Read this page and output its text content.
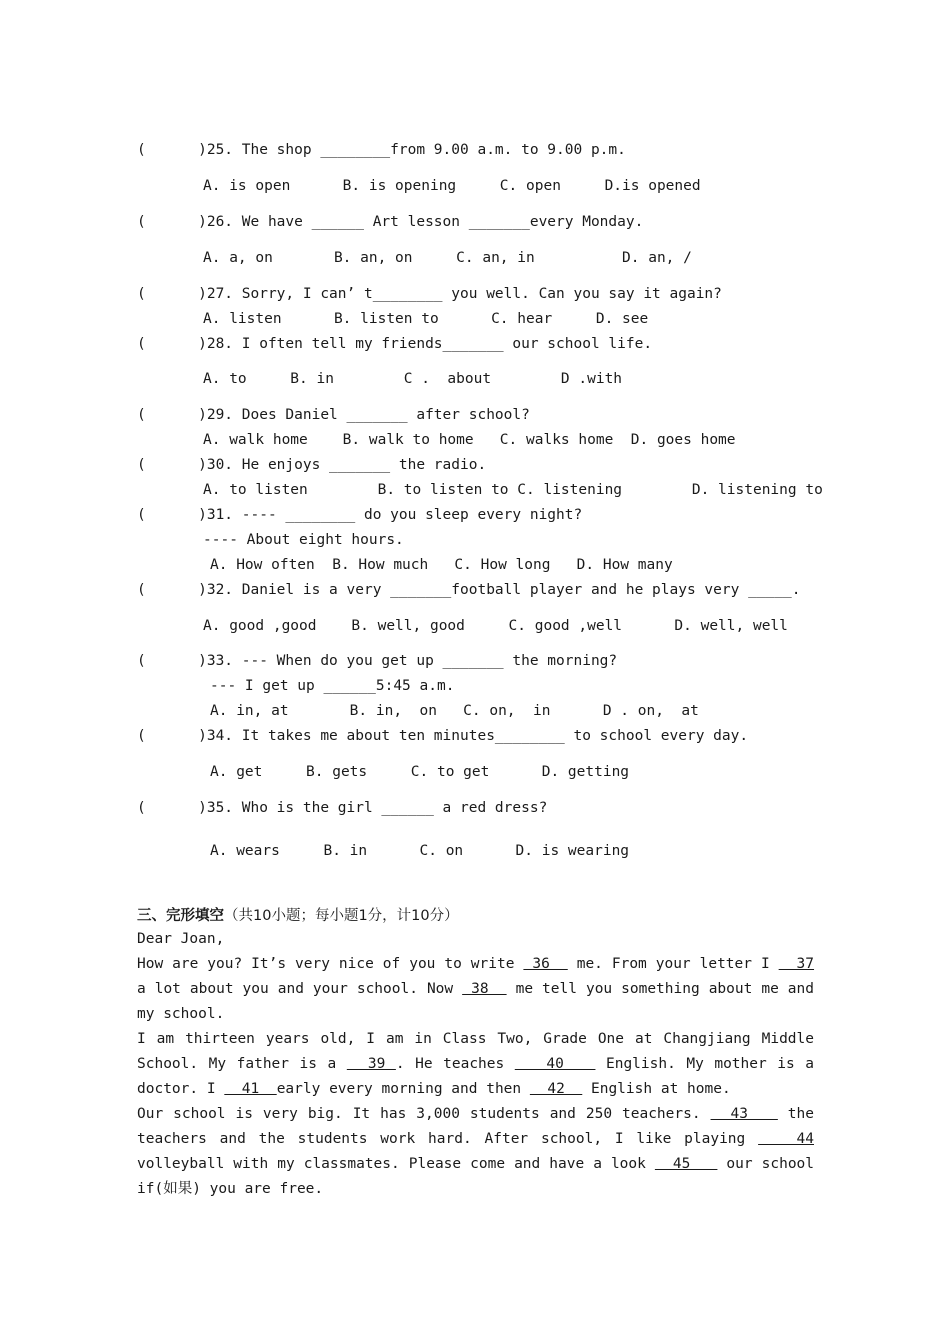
(      )25. The shop ________from 9.00 a.m. to 9.00 p.m.
A. is open      B. is opening     C. open     D.is opened
(      )26. We have ______ Art lesson _______every Monday.
A. a, on       B. an, on     C. an, in          D. an, /
(      )27. Sorry, I can’ t________ you well. Can you say it again?
A. listen      B. listen to      C. hear     D. see
(      )28. I often tell my friends_______ our school life.
A. to     B. in        C .  about        D .with
(      )29. Does Daniel _______ after school?
A. walk home    B. walk to home   C. walks home  D. goes home
(      )30. He enjoys _______ the radio.
A. to listen        B. to listen to C. listening        D. listening to
(      )31. ---- ________ do you sleep every night?
---- About eight hours.
A. How often  B. How much   C. How long   D. How many
(      )32. Daniel is a very _______football player and he plays very _____.
A. good ,good    B. well, good     C. good ,well      D. well, well
(      )33. --- When do you get up _______ the morning?
--- I get up ______5:45 a.m.
A. in, at       B. in,  on   C. on,  in      D . on,  at
(      )34. It takes me about ten minutes________ to school every day.
A. get     B. gets     C. to get      D. getting
(      )35. Who is the girl ______ a red dress?
A. wears     B. in      C. on      D. is wearing
三、完形填空（共10小题；每小题1分，计10分）

Dear Joan,

How are you? It’s very nice of you to write  36   me. From your letter I   37 a lot about you and your school. Now  38   me tell you something about me and my school.

I am thirteen years old, I am in Class Two, Grade One at Changjiang Middle School. My father is a   39 . He teaches    40    English. My mother is a doctor. I   41  early every morning and then   42   English at home.

Our school is very big. It has 3,000 students and 250 teachers.   43    the teachers and the students work hard. After school, I like playing    44 volleyball with my classmates. Please come and have a look   45    our school if(如果) you are free.
